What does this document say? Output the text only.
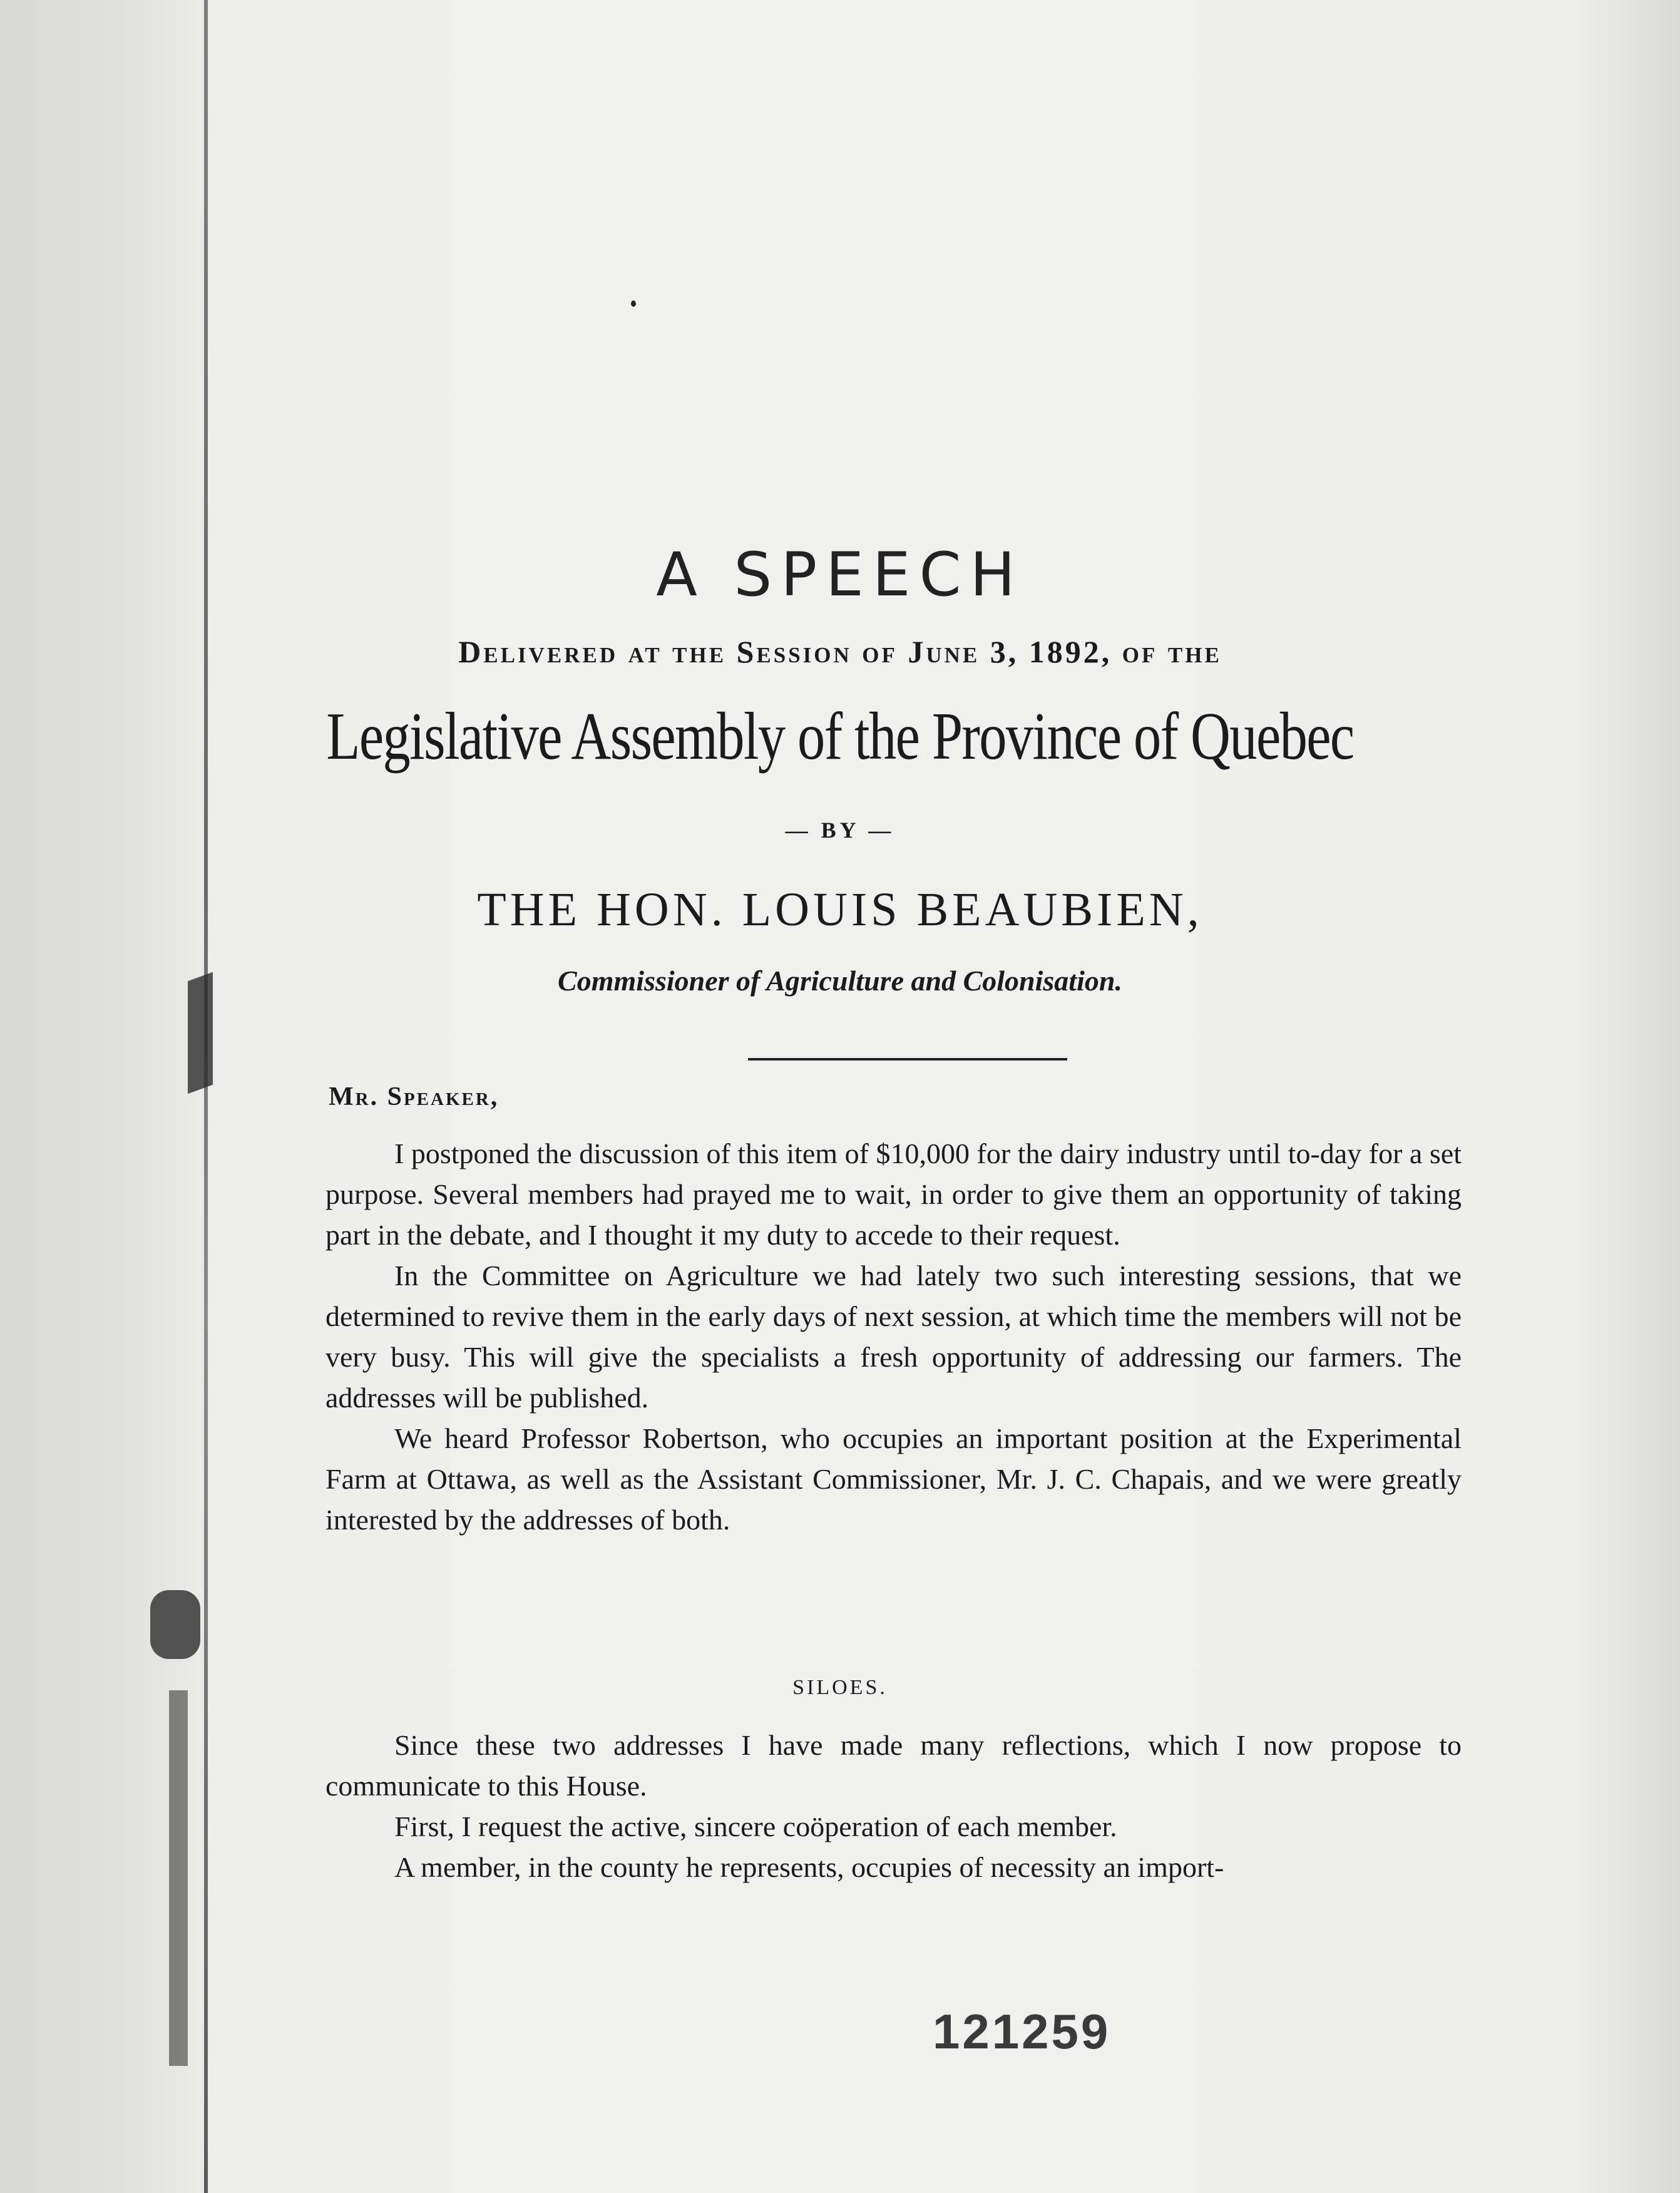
A SPEECH
Delivered at the Session of June 3, 1892, of the
Legislative Assembly of the Province of Quebec
— BY —
THE HON. LOUIS BEAUBIEN,
Commissioner of Agriculture and Colonisation.
Mr. Speaker,

I postponed the discussion of this item of $10,000 for the dairy industry until to-day for a set purpose. Several members had prayed me to wait, in order to give them an opportunity of taking part in the debate, and I thought it my duty to accede to their request.

In the Committee on Agriculture we had lately two such interesting sessions, that we determined to revive them in the early days of next session, at which time the members will not be very busy. This will give the specialists a fresh opportunity of addressing our farmers. The addresses will be published.

We heard Professor Robertson, who occupies an important position at the Experimental Farm at Ottawa, as well as the Assistant Commissioner, Mr. J. C. Chapais, and we were greatly interested by the addresses of both.

SILOES.

Since these two addresses I have made many reflections, which I now propose to communicate to this House.

First, I request the active, sincere coöperation of each member.

A member, in the county he represents, occupies of necessity an import-

121259
